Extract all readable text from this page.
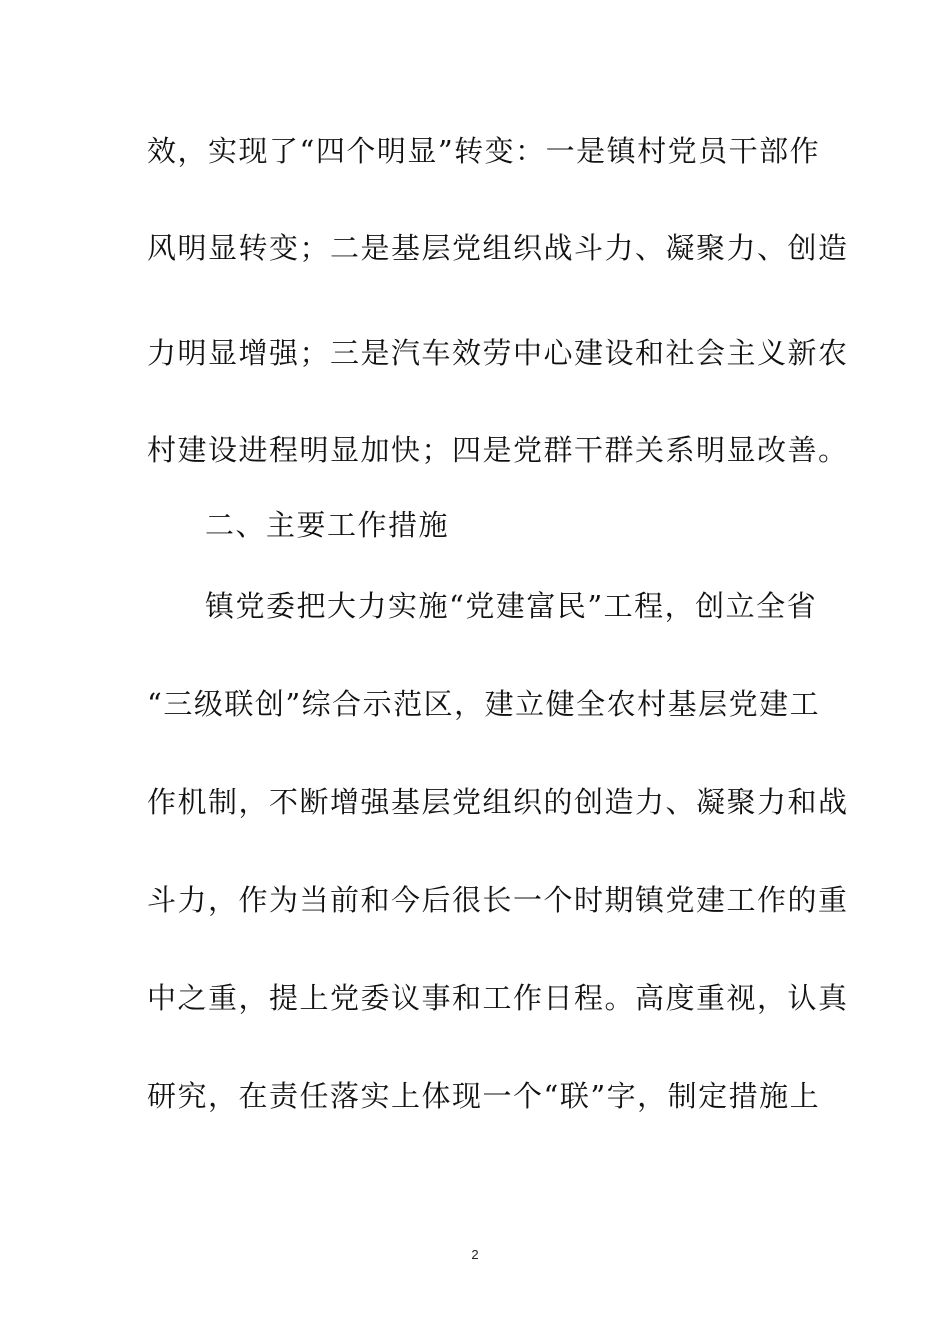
效，实现了“四个明显”转变：一是镇村党员干部作
风明显转变；二是基层党组织战斗力、凝聚力、创造
力明显增强；三是汽车效劳中心建设和社会主义新农
村建设进程明显加快；四是党群干群关系明显改善。
二、主要工作措施
镇党委把大力实施“党建富民”工程，创立全省
“三级联创”综合示范区，建立健全农村基层党建工
作机制，不断增强基层党组织的创造力、凝聚力和战
斗力，作为当前和今后很长一个时期镇党建工作的重
中之重，提上党委议事和工作日程。高度重视，认真
研究，在责任落实上体现一个“联”字，制定措施上
2
